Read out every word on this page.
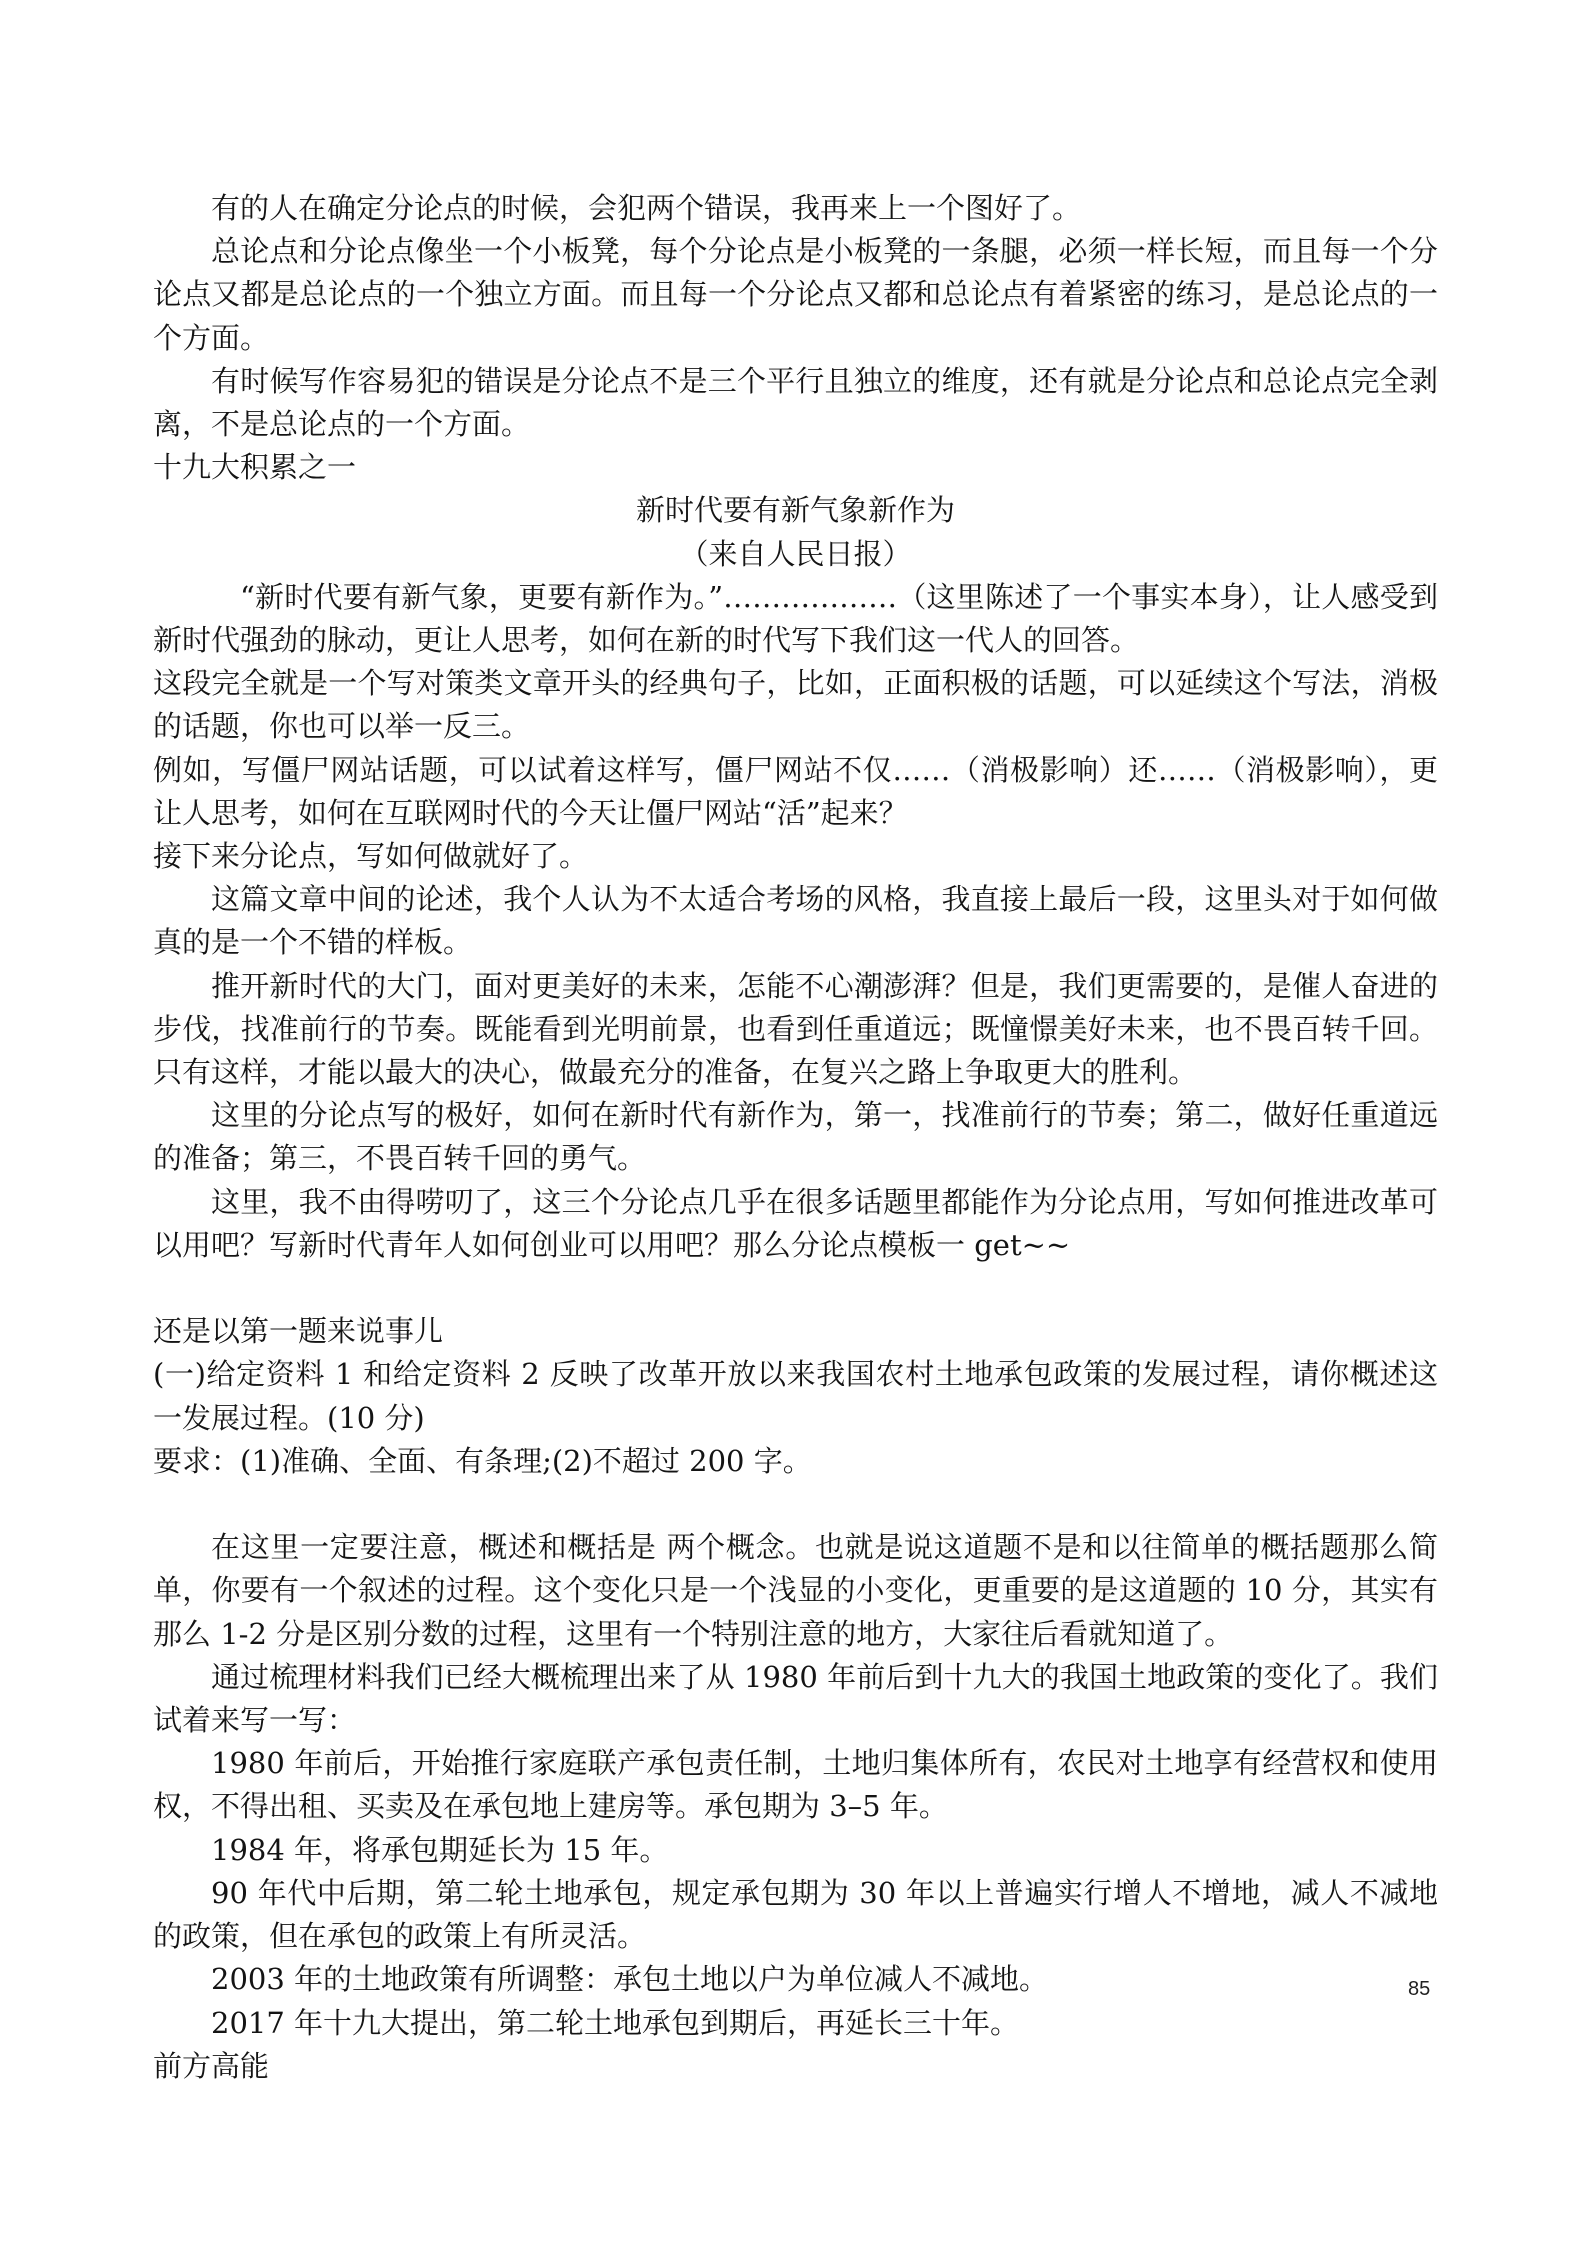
有的人在确定分论点的时候，会犯两个错误，我再来上一个图好了。

总论点和分论点像坐一个小板凳，每个分论点是小板凳的一条腿，必须一样长短，而且每一个分论点又都是总论点的一个独立方面。而且每一个分论点又都和总论点有着紧密的练习，是总论点的一个方面。

有时候写作容易犯的错误是分论点不是三个平行且独立的维度，还有就是分论点和总论点完全剥离，不是总论点的一个方面。

十九大积累之一

新时代要有新气象新作为

（来自人民日报）

“新时代要有新气象，更要有新作为。”………………（这里陈述了一个事实本身），让人感受到新时代强劲的脉动，更让人思考，如何在新的时代写下我们这一代人的回答。

这段完全就是一个写对策类文章开头的经典句子，比如，正面积极的话题，可以延续这个写法，消极的话题，你也可以举一反三。

例如，写僵尸网站话题，可以试着这样写，僵尸网站不仅……（消极影响）还……（消极影响），更让人思考，如何在互联网时代的今天让僵尸网站“活”起来？

接下来分论点，写如何做就好了。

这篇文章中间的论述，我个人认为不太适合考场的风格，我直接上最后一段，这里头对于如何做真的是一个不错的样板。

推开新时代的大门，面对更美好的未来，怎能不心潮澎湃？但是，我们更需要的，是催人奋进的步伐，找准前行的节奏。既能看到光明前景，也看到任重道远；既憧憬美好未来，也不畏百转千回。只有这样，才能以最大的决心，做最充分的准备，在复兴之路上争取更大的胜利。

这里的分论点写的极好，如何在新时代有新作为，第一，找准前行的节奏；第二，做好任重道远的准备；第三，不畏百转千回的勇气。

这里，我不由得唠叨了，这三个分论点几乎在很多话题里都能作为分论点用，写如何推进改革可以用吧？写新时代青年人如何创业可以用吧？那么分论点模板一 get~~

还是以第一题来说事儿

(一)给定资料 1 和给定资料 2 反映了改革开放以来我国农村土地承包政策的发展过程，请你概述这一发展过程。(10 分)

要求：(1)准确、全面、有条理;(2)不超过 200 字。

在这里一定要注意，概述和概括是 两个概念。也就是说这道题不是和以往简单的概括题那么简单，你要有一个叙述的过程。这个变化只是一个浅显的小变化，更重要的是这道题的 10 分，其实有那么 1-2 分是区别分数的过程，这里有一个特别注意的地方，大家往后看就知道了。

通过梳理材料我们已经大概梳理出来了从 1980 年前后到十九大的我国土地政策的变化了。我们试着来写一写：

1980 年前后，开始推行家庭联产承包责任制，土地归集体所有，农民对土地享有经营权和使用权，不得出租、买卖及在承包地上建房等。承包期为 3–5 年。

1984 年，将承包期延长为 15 年。

90 年代中后期，第二轮土地承包，规定承包期为 30 年以上普遍实行增人不增地，减人不减地的政策，但在承包的政策上有所灵活。

2003 年的土地政策有所调整：承包土地以户为单位减人不减地。

2017 年十九大提出，第二轮土地承包到期后，再延长三十年。

前方高能

85
